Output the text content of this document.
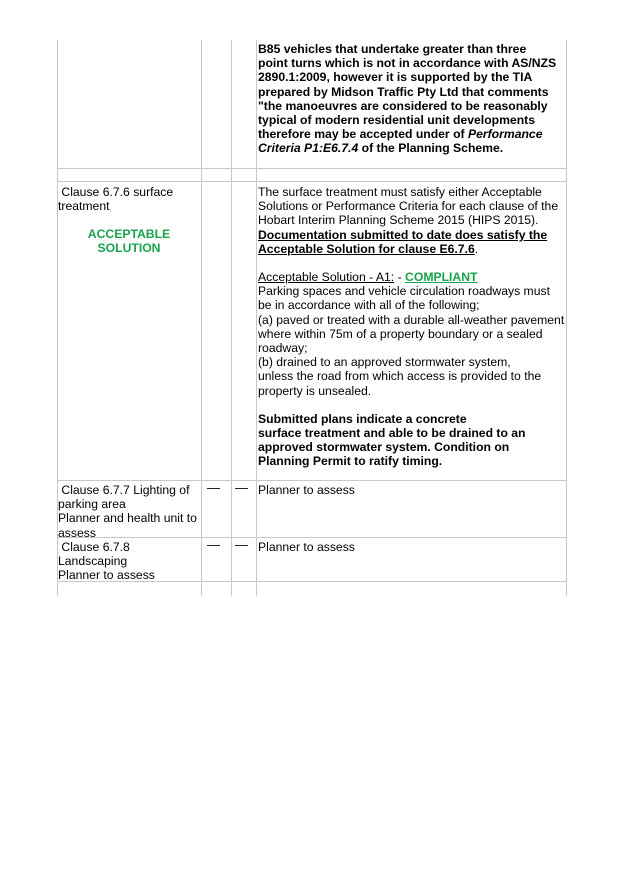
B85 vehicles that undertake greater than three

point turns which is not in accordance with AS/NZS

2890.1:2009, however it is supported by the TIA

prepared by Midson Traffic Pty Ltd that comments

"the manoeuvres are considered to be reasonably

typical of modern residential unit developments

therefore may be accepted under of Performance

Criteria P1:E6.7.4 of the Planning Scheme.

Clause 6.7.6 surface

treatment

ACCEPTABLE

SOLUTION

The surface treatment must satisfy either Acceptable

Solutions or Performance Criteria for each clause of the

Hobart Interim Planning Scheme 2015 (HIPS 2015).

Documentation submitted to date does satisfy the

Acceptable Solution for clause E6.7.6.

Acceptable Solution - A1: - COMPLIANT

Parking spaces and vehicle circulation roadways must

be in accordance with all of the following;

(a) paved or treated with a durable all-weather pavement

where within 75m of a property boundary or a sealed

roadway;

(b) drained to an approved stormwater system,

unless the road from which access is provided to the

property is unsealed.

Submitted plans indicate a concrete

surface treatment and able to be drained to an

approved stormwater system. Condition on

Planning Permit to ratify timing.

Clause 6.7.7 Lighting of

parking area

Planner and health unit to

assess

— — Planner to assess

Clause 6.7.8

Landscaping

Planner to assess

— — Planner to assess
